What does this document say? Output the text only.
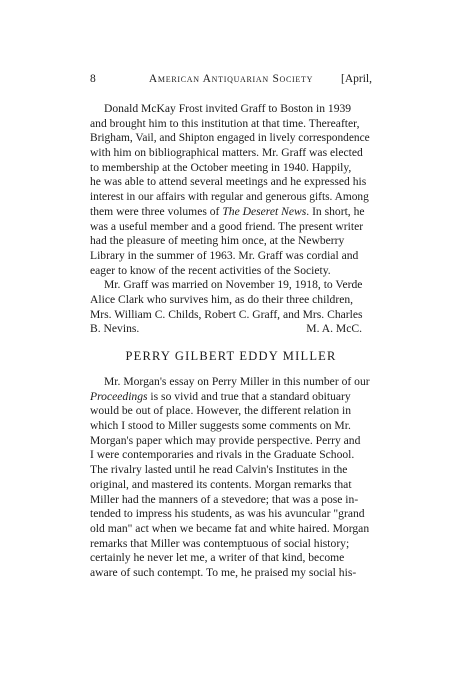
8	American Antiquarian Society	[April,
Donald McKay Frost invited Graff to Boston in 1939
and brought him to this institution at that time. Thereafter,
Brigham, Vail, and Shipton engaged in lively correspondence
with him on bibliographical matters. Mr. Graff was elected
to membership at the October meeting in 1940. Happily,
he was able to attend several meetings and he expressed his
interest in our affairs with regular and generous gifts. Among
them were three volumes of The Deseret News. In short, he
was a useful member and a good friend. The present writer
had the pleasure of meeting him once, at the Newberry
Library in the summer of 1963. Mr. Graff was cordial and
eager to know of the recent activities of the Society.
Mr. Graff was married on November 19, 1918, to Verde
Alice Clark who survives him, as do their three children,
Mrs. William C. Childs, Robert C. Graff, and Mrs. Charles
B. Nevins.	M. A. McC.
PERRY GILBERT EDDY MILLER
Mr. Morgan's essay on Perry Miller in this number of our
Proceedings is so vivid and true that a standard obituary
would be out of place. However, the different relation in
which I stood to Miller suggests some comments on Mr.
Morgan's paper which may provide perspective. Perry and
I were contemporaries and rivals in the Graduate School.
The rivalry lasted until he read Calvin's Institutes in the
original, and mastered its contents. Morgan remarks that
Miller had the manners of a stevedore; that was a pose in-
tended to impress his students, as was his avuncular "grand
old man" act when we became fat and white haired. Morgan
remarks that Miller was contemptuous of social history;
certainly he never let me, a writer of that kind, become
aware of such contempt. To me, he praised my social his-
